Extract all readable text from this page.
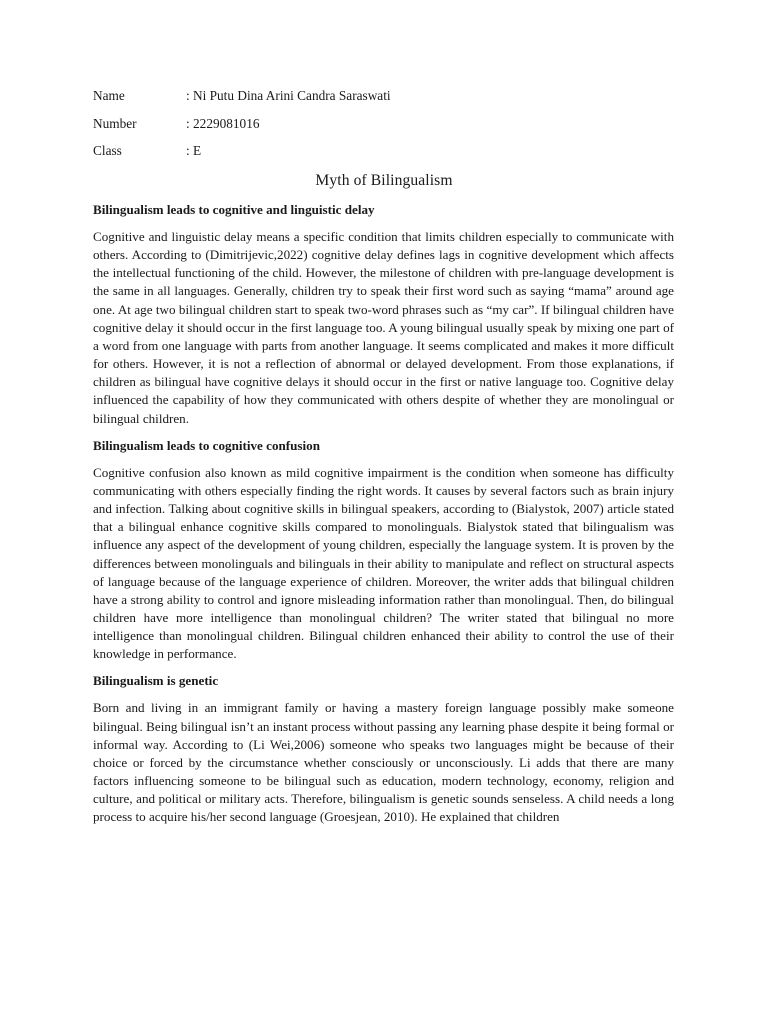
Name	: Ni Putu Dina Arini Candra Saraswati
Number	: 2229081016
Class	: E
Myth of Bilingualism
Bilingualism leads to cognitive and linguistic delay
Cognitive and linguistic delay means a specific condition that limits children especially to communicate with others. According to (Dimitrijevic,2022) cognitive delay defines lags in cognitive development which affects the intellectual functioning of the child. However, the milestone of children with pre-language development is the same in all languages. Generally, children try to speak their first word such as saying “mama” around age one. At age two bilingual children start to speak two-word phrases such as “my car”. If bilingual children have cognitive delay it should occur in the first language too. A young bilingual usually speak by mixing one part of a word from one language with parts from another language. It seems complicated and makes it more difficult for others. However, it is not a reflection of abnormal or delayed development. From those explanations, if children as bilingual have cognitive delays it should occur in the first or native language too. Cognitive delay influenced the capability of how they communicated with others despite of whether they are monolingual or bilingual children.
Bilingualism leads to cognitive confusion
Cognitive confusion also known as mild cognitive impairment is the condition when someone has difficulty communicating with others especially finding the right words. It causes by several factors such as brain injury and infection. Talking about cognitive skills in bilingual speakers, according to (Bialystok, 2007) article stated that a bilingual enhance cognitive skills compared to monolinguals. Bialystok stated that bilingualism was influence any aspect of the development of young children, especially the language system. It is proven by the differences between monolinguals and bilinguals in their ability to manipulate and reflect on structural aspects of language because of the language experience of children. Moreover, the writer adds that bilingual children have a strong ability to control and ignore misleading information rather than monolingual. Then, do bilingual children have more intelligence than monolingual children? The writer stated that bilingual no more intelligence than monolingual children. Bilingual children enhanced their ability to control the use of their knowledge in performance.
Bilingualism is genetic
Born and living in an immigrant family or having a mastery foreign language possibly make someone bilingual. Being bilingual isn’t an instant process without passing any learning phase despite it being formal or informal way. According to (Li Wei,2006) someone who speaks two languages might be because of their choice or forced by the circumstance whether consciously or unconsciously. Li adds that there are many factors influencing someone to be bilingual such as education, modern technology, economy, religion and culture, and political or military acts. Therefore, bilingualism is genetic sounds senseless. A child needs a long process to acquire his/her second language (Groesjean, 2010). He explained that children
